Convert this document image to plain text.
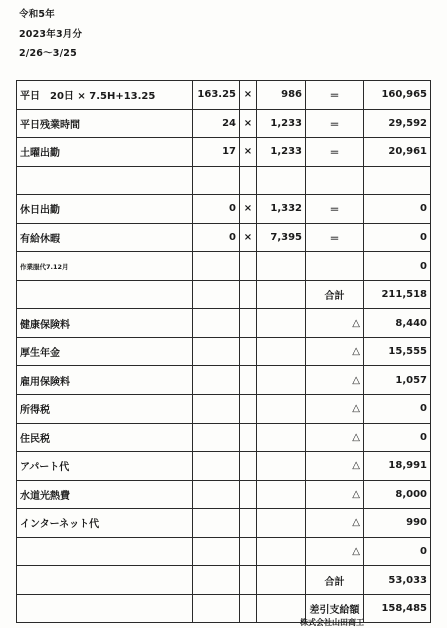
令和5年
2023年3月分
2/26～3/25
平日　20日 × 7.5H+13.25	163.25	×	986	＝	160,965
平日残業時間	24	×	1,233	＝	29,592
土曜出勤	17	×	1,233	＝	20,961

休日出勤	0	×	1,332	＝	0
有給休暇	0	×	7,395	＝	0
作業服代7.12月					0
				合計	211,518
健康保険料				△	8,440
厚生年金				△	15,555
雇用保険料				△	1,057
所得税				△	0
住民税				△	0
アパート代				△	18,991
水道光熱費				△	8,000
インターネット代				△	990
				△	0
				合計	53,033
				差引支給額	158,485
株式会社山田商工
